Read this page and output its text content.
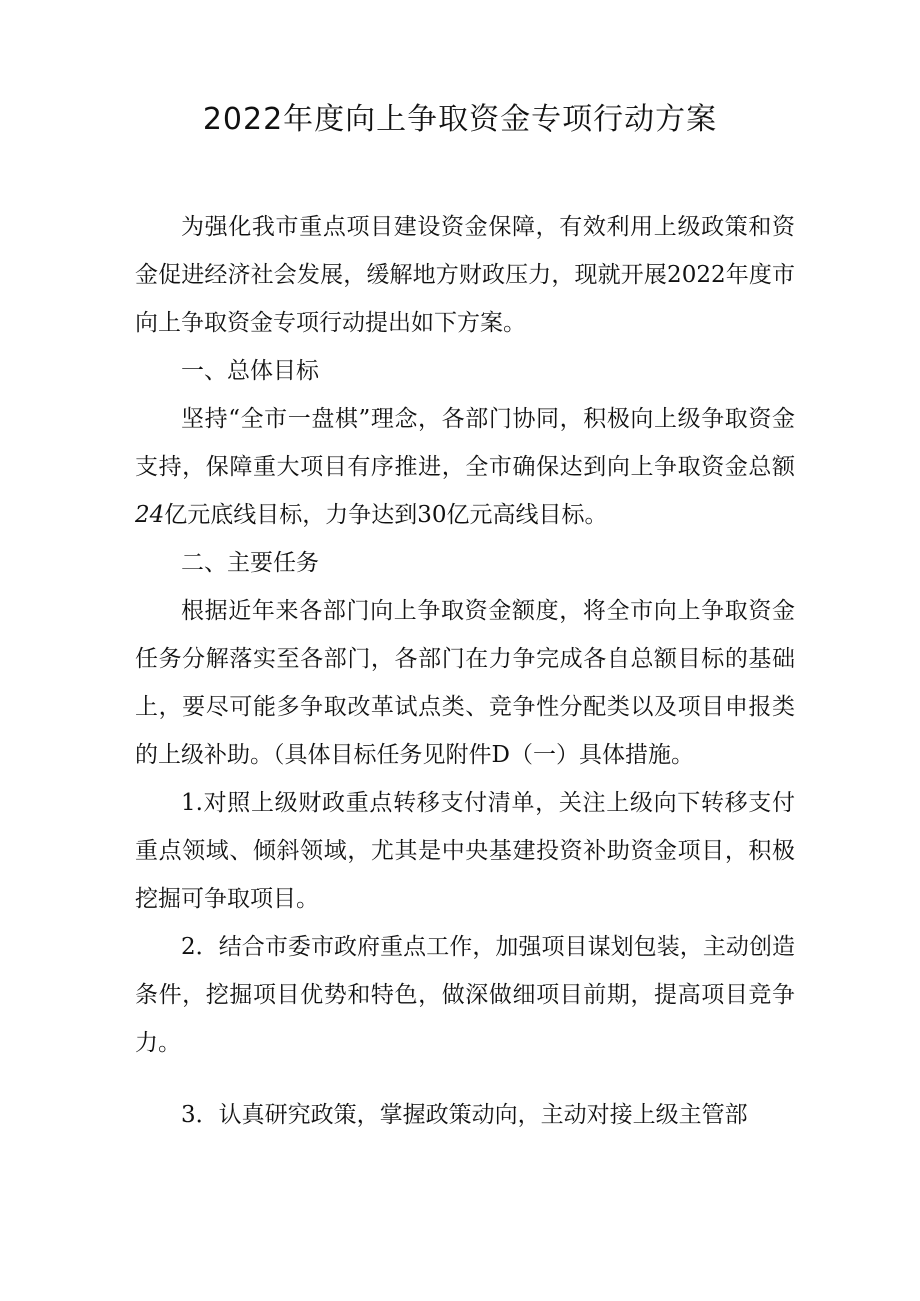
2022年度向上争取资金专项行动方案

为强化我市重点项目建设资金保障，有效利用上级政策和资金促进经济社会发展，缓解地方财政压力，现就开展2022年度市向上争取资金专项行动提出如下方案。

一、总体目标

坚持“全市一盘棋”理念，各部门协同，积极向上级争取资金支持，保障重大项目有序推进，全市确保达到向上争取资金总额24亿元底线目标，力争达到30亿元高线目标。

二、主要任务

根据近年来各部门向上争取资金额度，将全市向上争取资金任务分解落实至各部门，各部门在力争完成各自总额目标的基础上，要尽可能多争取改革试点类、竞争性分配类以及项目申报类的上级补助。（具体目标任务见附件D（一）具体措施。

1.对照上级财政重点转移支付清单，关注上级向下转移支付重点领域、倾斜领域，尤其是中央基建投资补助资金项目，积极挖掘可争取项目。

2．结合市委市政府重点工作，加强项目谋划包装，主动创造条件，挖掘项目优势和特色，做深做细项目前期，提高项目竞争力。

3．认真研究政策，掌握政策动向，主动对接上级主管部
